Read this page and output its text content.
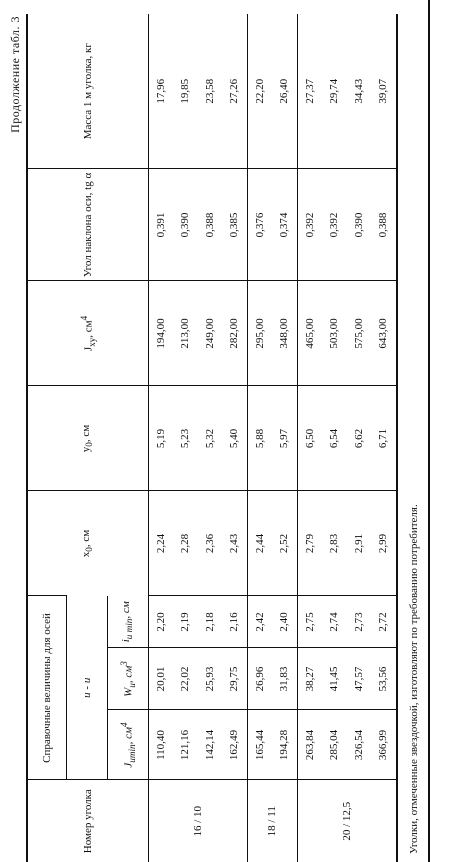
Продолжение табл. 3
Номер уголка	Справочные величины для осей			$x_0$, см	$y_0$, см	$J_{xy}$, $см^4$	Угол наклона оси, tg α	Масса 1 м уголка, кг
	u - u							
	$J_{umin}$, $см^4$	$W_u$, $см^3$	$i_{u min}$, см					
16 / 10	110,40	20,01	2,20	2,24	5,19	194,00	0,391	17,96
	121,16	22,02	2,19	2,28	5,23	213,00	0,390	19,85
	142,14	25,93	2,18	2,36	5,32	249,00	0,388	23,58
	162,49	29,75	2,16	2,43	5,40	282,00	0,385	27,26
18 / 11	165,44	26,96	2,42	2,44	5,88	295,00	0,376	22,20
	194,28	31,83	2,40	2,52	5,97	348,00	0,374	26,40
20 / 12,5	263,84	38,27	2,75	2,79	6,50	465,00	0,392	27,37
	285,04	41,45	2,74	2,83	6,54	503,00	0,392	29,74
	326,54	47,57	2,73	2,91	6,62	575,00	0,390	34,43
	366,99	53,56	2,72	2,99	6,71	643,00	0,388	39,07
Уголки, отмеченные звездочкой, изготовляют по требованию потребителя.
